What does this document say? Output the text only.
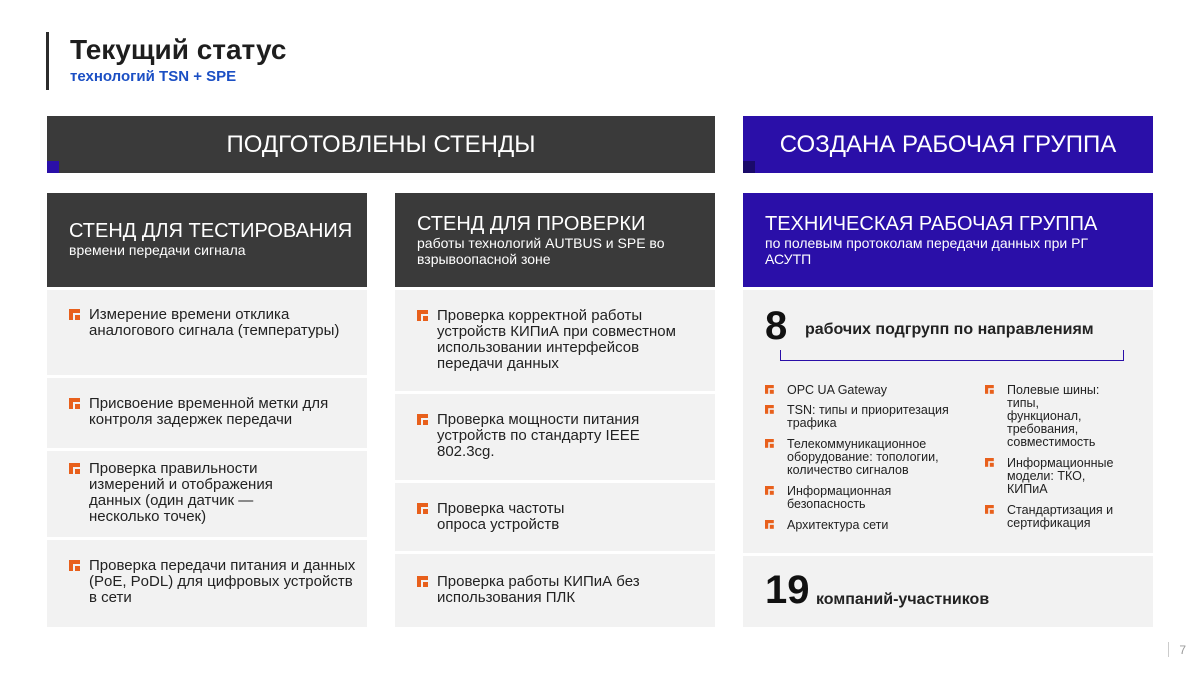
Текущий статус
технологий TSN + SPE
ПОДГОТОВЛЕНЫ СТЕНДЫ	СОЗДАНА РАБОЧАЯ ГРУППА
СТЕНД ДЛЯ ТЕСТИРОВАНИЯ
времени передачи сигнала
Измерение времени отклика аналогового сигнала (температуры)
Присвоение временной метки для контроля задержек передачи
Проверка правильности измерений и отображения данных (один датчик — несколько точек)
Проверка передачи питания и данных (PoE, PoDL) для цифровых устройств в сети
СТЕНД ДЛЯ ПРОВЕРКИ
работы технологий AUTBUS и SPE во взрывоопасной зоне
Проверка корректной работы устройств КИПиА при совместном использовании интерфейсов передачи данных
Проверка мощности питания устройств по стандарту IEEE 802.3cg.
Проверка частоты опроса устройств
Проверка работы КИПиА без использования ПЛК
ТЕХНИЧЕСКАЯ РАБОЧАЯ ГРУППА
по полевым протоколам передачи данных при РГ АСУТП
8 рабочих подгрупп по направлениям
OPC UA Gateway
TSN: типы и приоритезация трафика
Телекоммуникационное оборудование: топологии, количество сигналов
Информационная безопасность
Архитектура сети
Полевые шины: типы, функционал, требования, совместимость
Информационные модели: ТКО, КИПиА
Стандартизация и сертификация
19 компаний-участников
7
